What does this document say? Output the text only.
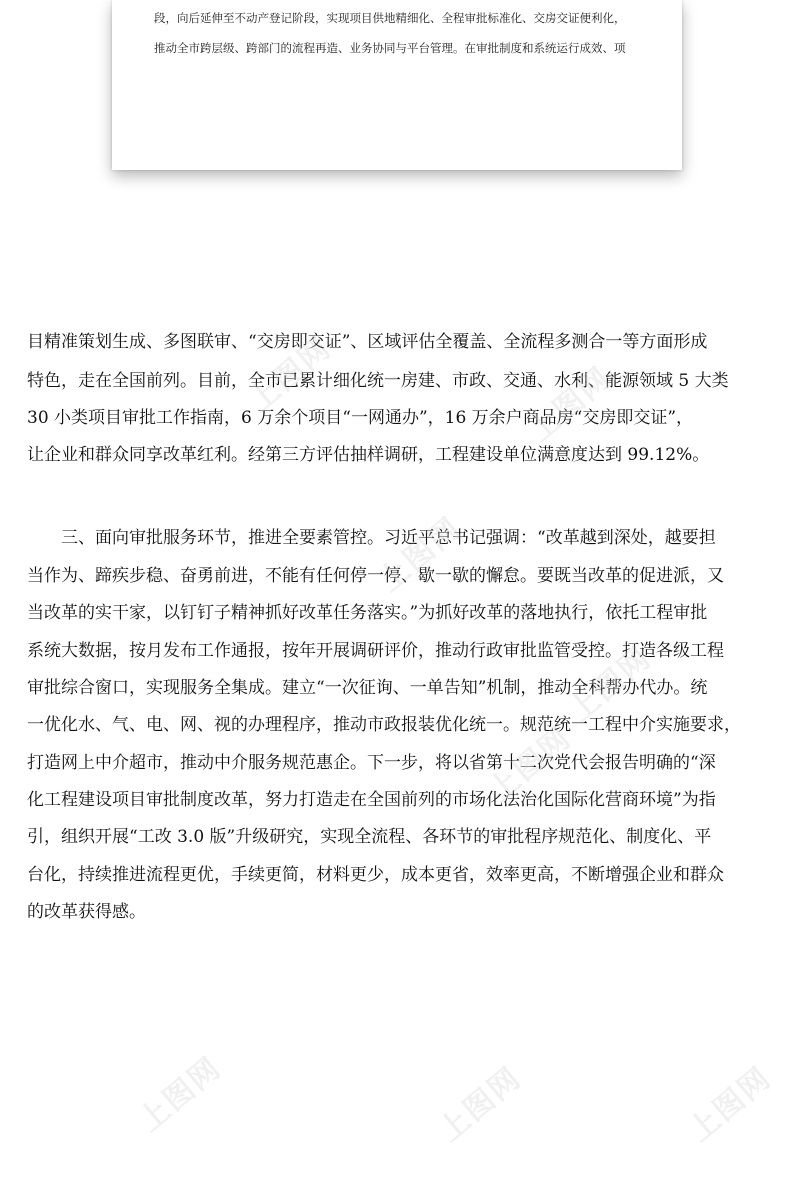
段，向后延伸至不动产登记阶段，实现项目供地精细化、全程审批标准化、交房交证便利化，
推动全市跨层级、跨部门的流程再造、业务协同与平台管理。在审批制度和系统运行成效、项
目精准策划生成、多图联审、“交房即交证”、区域评估全覆盖、全流程多测合一等方面形成
特色，走在全国前列。目前，全市已累计细化统一房建、市政、交通、水利、能源领域 5 大类
30 小类项目审批工作指南，6 万余个项目“一网通办”，16 万余户商品房“交房即交证”，
让企业和群众同享改革红利。经第三方评估抽样调研，工程建设单位满意度达到 99.12%。
　　三、面向审批服务环节，推进全要素管控。习近平总书记强调：“改革越到深处，越要担
当作为、蹄疾步稳、奋勇前进，不能有任何停一停、歇一歇的懈怠。要既当改革的促进派，又
当改革的实干家，以钉钉子精神抓好改革任务落实。”为抓好改革的落地执行，依托工程审批
系统大数据，按月发布工作通报，按年开展调研评价，推动行政审批监管受控。打造各级工程
审批综合窗口，实现服务全集成。建立“一次征询、一单告知”机制，推动全科帮办代办。统
一优化水、气、电、网、视的办理程序，推动市政报装优化统一。规范统一工程中介实施要求，
打造网上中介超市，推动中介服务规范惠企。下一步，将以省第十二次党代会报告明确的“深
化工程建设项目审批制度改革，努力打造走在全国前列的市场化法治化国际化营商环境”为指
引，组织开展“工改 3.0 版”升级研究，实现全流程、各环节的审批程序规范化、制度化、平
台化，持续推进流程更优，手续更简，材料更少，成本更省，效率更高，不断增强企业和群众
的改革获得感。
上图网	上图网
上图网
上图网
上图网
上图网	上图网	上图网
